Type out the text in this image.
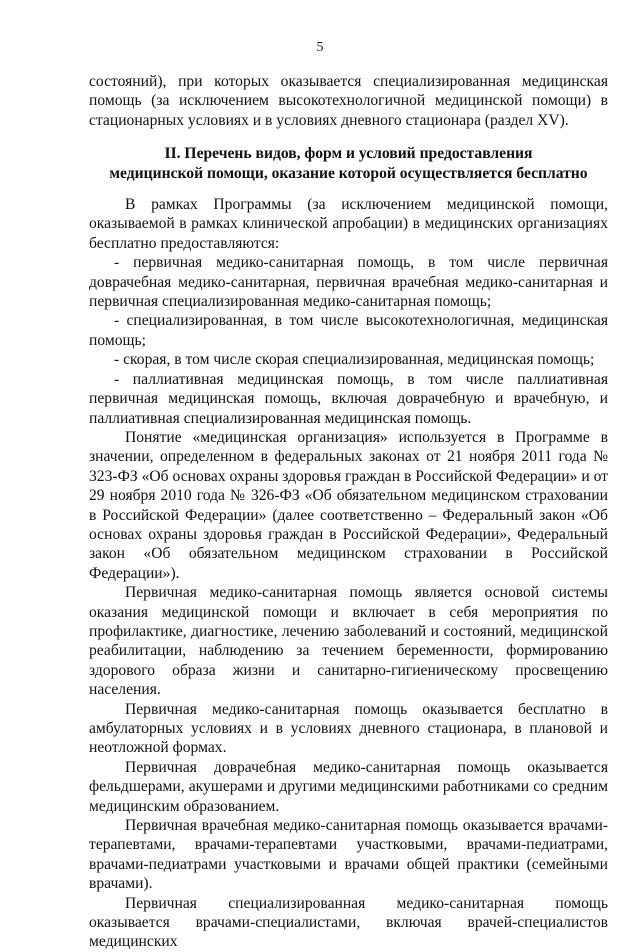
5

состояний), при которых оказывается специализированная медицинская помощь (за исключением высокотехнологичной медицинской помощи) в стационарных условиях и в условиях дневного стационара (раздел XV).

II. Перечень видов, форм и условий предоставления
медицинской помощи, оказание которой осуществляется бесплатно

В рамках Программы (за исключением медицинской помощи, оказываемой в рамках клинической апробации) в медицинских организациях бесплатно предоставляются:

- первичная медико-санитарная помощь, в том числе первичная доврачебная медико-санитарная, первичная врачебная медико-санитарная и первичная специализированная медико-санитарная помощь;

- специализированная, в том числе высокотехнологичная, медицинская помощь;

- скорая, в том числе скорая специализированная, медицинская помощь;

- паллиативная медицинская помощь, в том числе паллиативная первичная медицинская помощь, включая доврачебную и врачебную, и паллиативная специализированная медицинская помощь.

Понятие «медицинская организация» используется в Программе в значении, определенном в федеральных законах от 21 ноября 2011 года № 323-ФЗ «Об основах охраны здоровья граждан в Российской Федерации» и от 29 ноября 2010 года № 326-ФЗ «Об обязательном медицинском страховании в Российской Федерации» (далее соответственно – Федеральный закон «Об основах охраны здоровья граждан в Российской Федерации», Федеральный закон «Об обязательном медицинском страховании в Российской Федерации»).

Первичная медико-санитарная помощь является основой системы оказания медицинской помощи и включает в себя мероприятия по профилактике, диагностике, лечению заболеваний и состояний, медицинской реабилитации, наблюдению за течением беременности, формированию здорового образа жизни и санитарно-гигиеническому просвещению населения.

Первичная медико-санитарная помощь оказывается бесплатно в амбулаторных условиях и в условиях дневного стационара, в плановой и неотложной формах.

Первичная доврачебная медико-санитарная помощь оказывается фельдшерами, акушерами и другими медицинскими работниками со средним медицинским образованием.

Первичная врачебная медико-санитарная помощь оказывается врачами-терапевтами, врачами-терапевтами участковыми, врачами-педиатрами, врачами-педиатрами участковыми и врачами общей практики (семейными врачами).

Первичная специализированная медико-санитарная помощь оказывается врачами-специалистами, включая врачей-специалистов медицинских
